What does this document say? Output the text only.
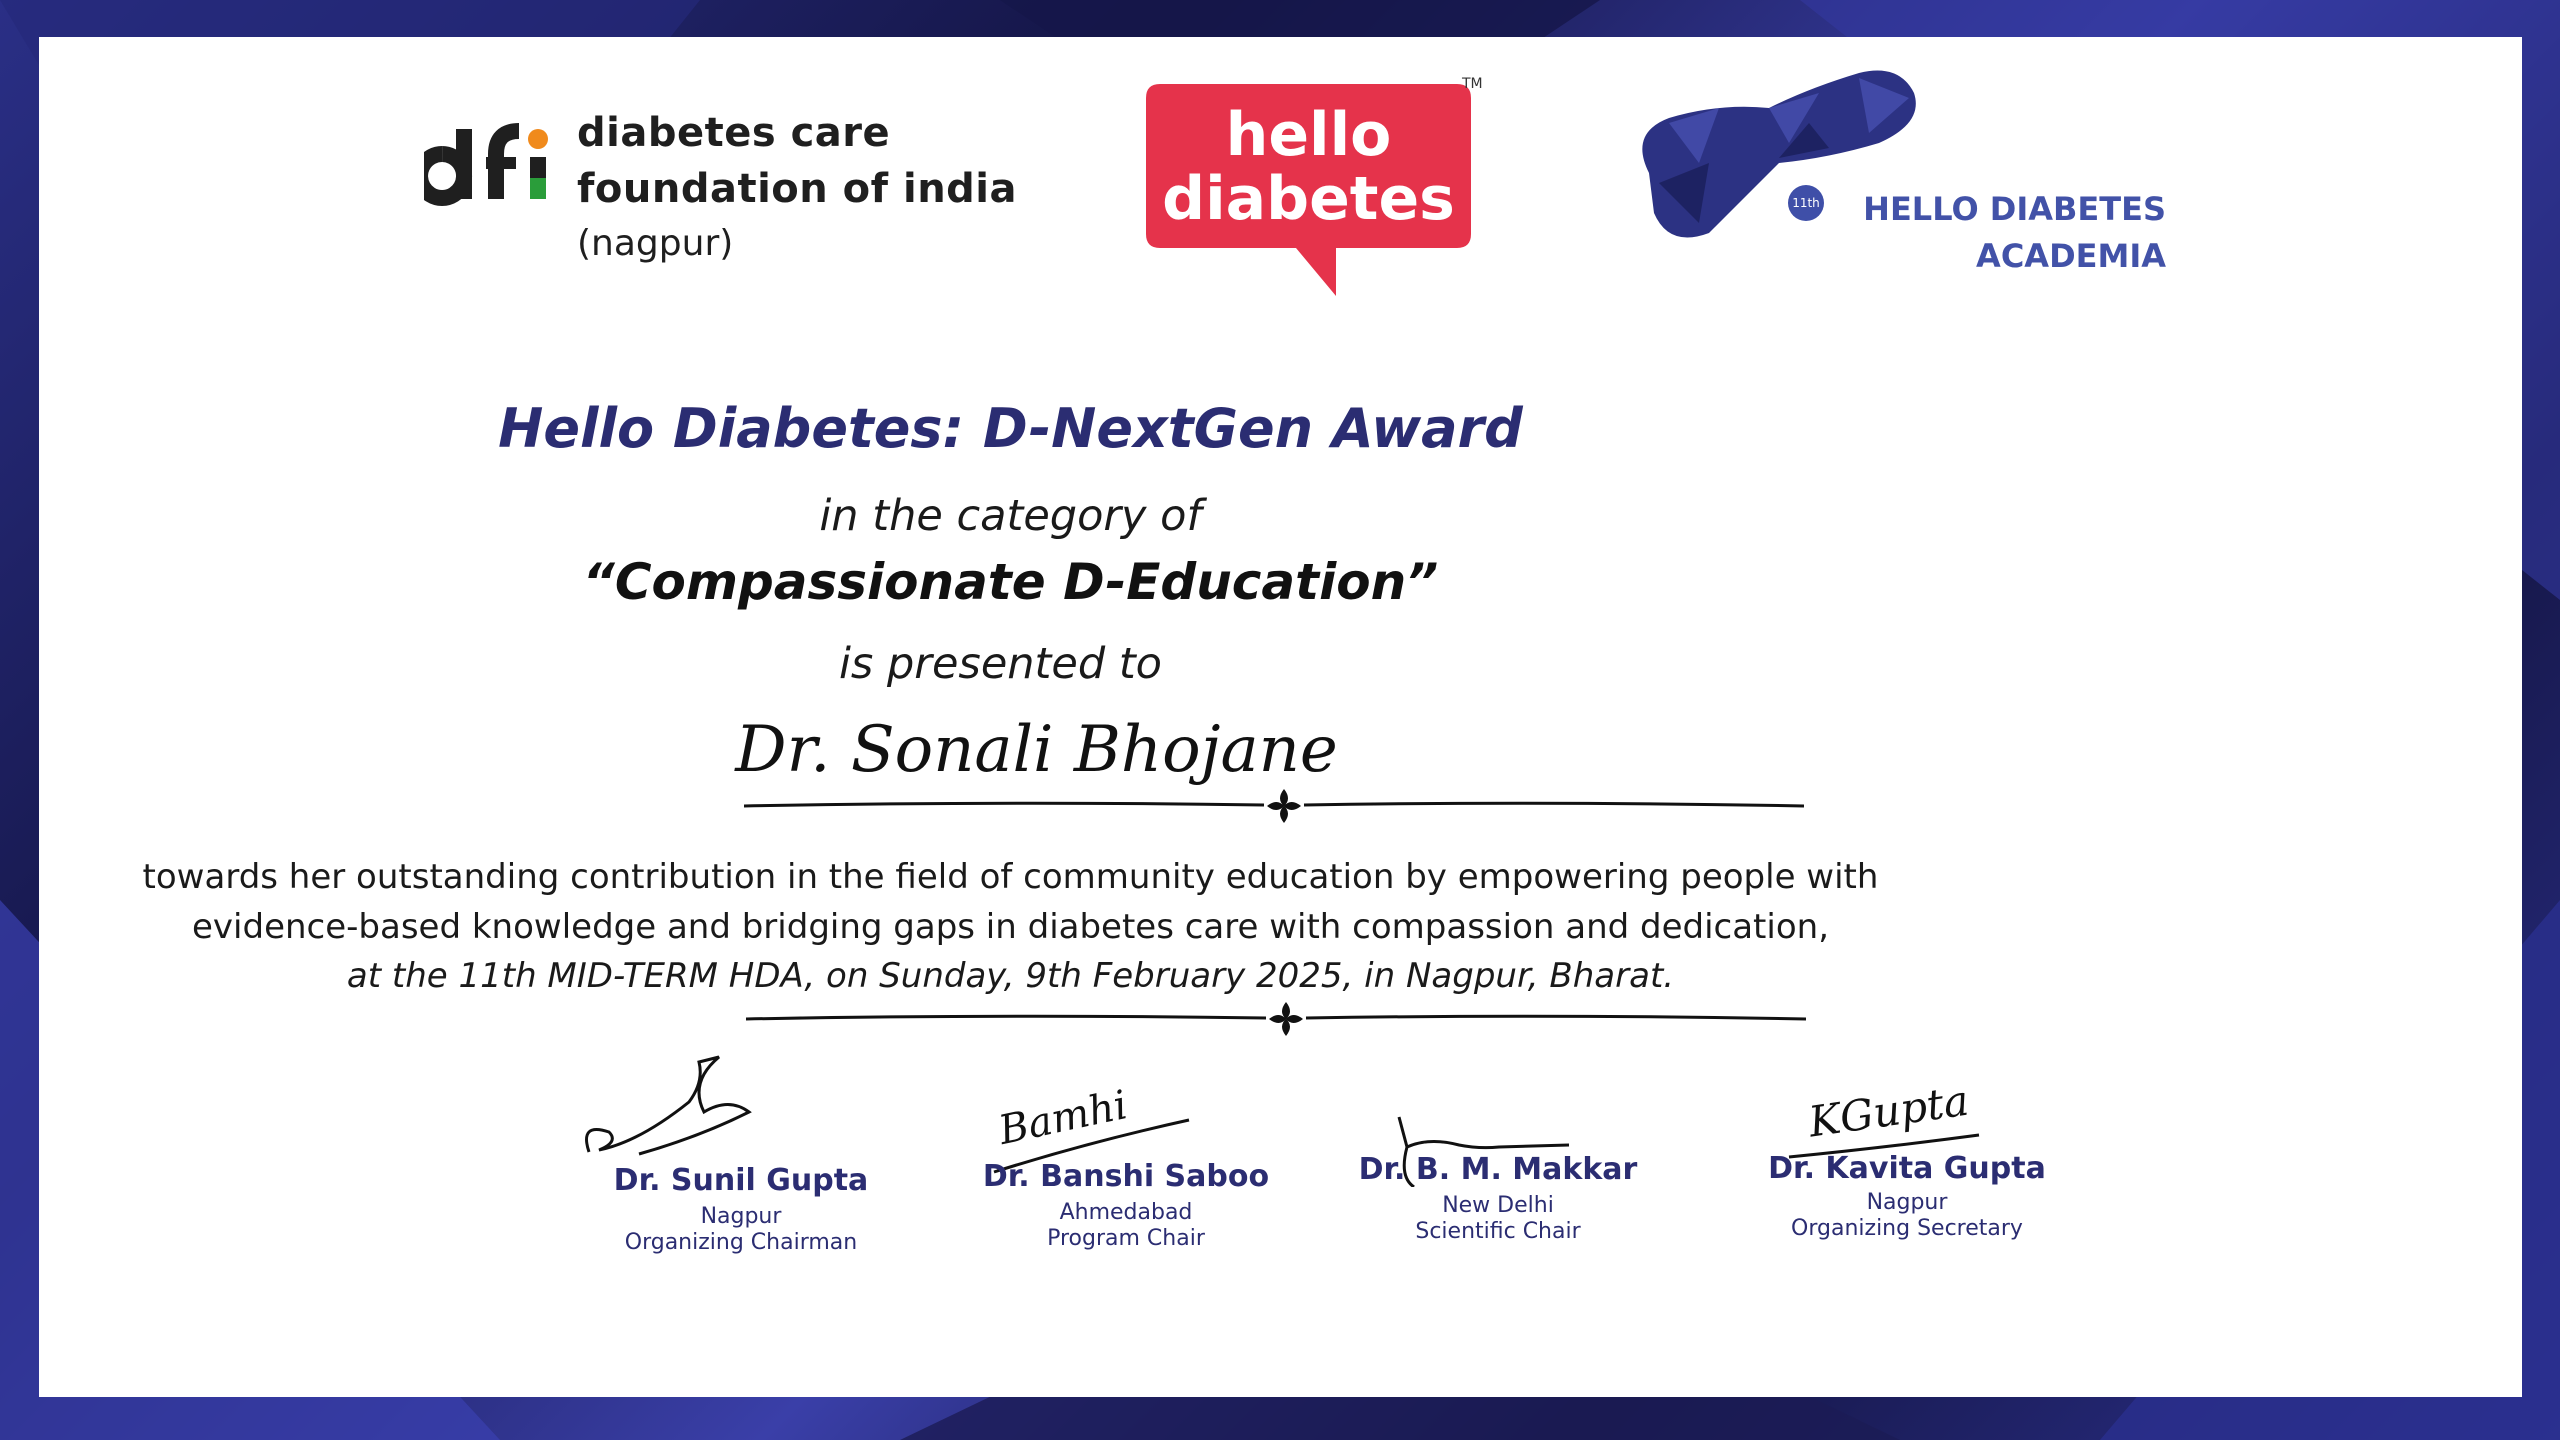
diabetes care
foundation of india
(nagpur)
hello
diabetes
TM
11th	HELLO DIABETES
ACADEMIA
Hello Diabetes: D-NextGen Award
in the category of
“Compassionate D-Education”
is presented to
Dr. Sonali Bhojane
towards her outstanding contribution in the field of community education by empowering people with
evidence-based knowledge and bridging gaps in diabetes care with compassion and dedication,
at the 11th MID-TERM HDA, on Sunday, 9th February 2025, in Nagpur, Bharat.
Bamhi	KGupta
Dr. Sunil Gupta
Nagpur
Organizing Chairman
Dr. Banshi Saboo
Ahmedabad
Program Chair
Dr. B. M. Makkar
New Delhi
Scientific Chair
Dr. Kavita Gupta
Nagpur
Organizing Secretary
